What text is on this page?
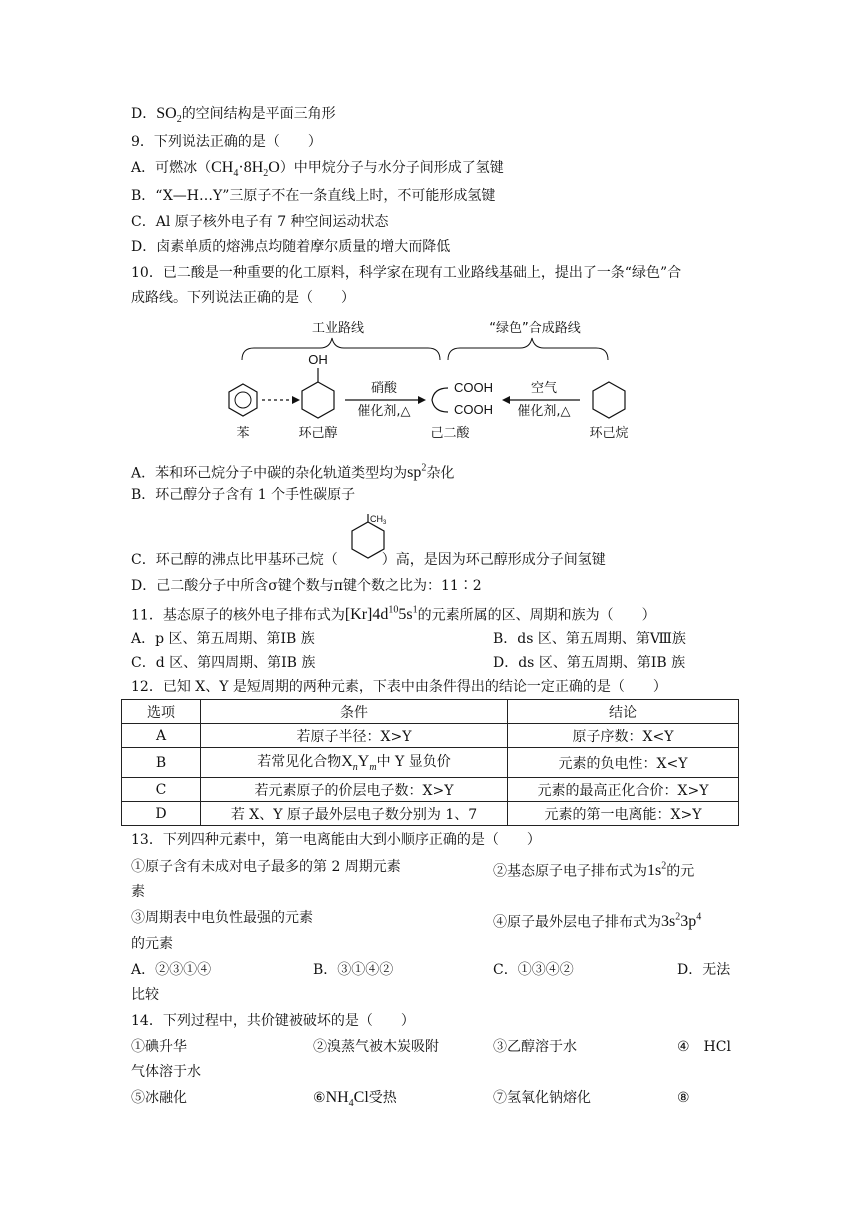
D．$SO_2$的空间结构是平面三角形
9．下列说法正确的是（　　）
A．可燃冰$(CH_4\cdot 8H_2O)$中甲烷分子与水分子间形成了氢键
B．“X—H…Y”三原子不在一条直线上时，不可能形成氢键
C．Al 原子核外电子有 7 种空间运动状态
D．卤素单质的熔沸点均随着摩尔质量的增大而降低
10．已二酸是一种重要的化工原料，科学家在现有工业路线基础上，提出了一条“绿色”合
成路线。下列说法正确的是（　　）
工业路线	“绿色”合成路线
OH
硝酸
催化剂,△
COOH
COOH
空气
催化剂,△
苯	环己醇	己二酸	环己烷
A．苯和环己烷分子中碳的杂化轨道类型均为$sp^2$杂化
B．环己醇分子含有 1 个手性碳原子
$CH_3$
C．环己醇的沸点比甲基环己烷（	）高，是因为环己醇形成分子间氢键
D．己二酸分子中所含σ键个数与π键个数之比为：11∶2
11．基态原子的核外电子排布式为$[Kr]4d^{10}5s^1$的元素所属的区、周期和族为（　　）
A．p 区、第五周期、第ⅠB 族	B．ds 区、第五周期、第Ⅷ族
C．d 区、第四周期、第ⅠB 族	D．ds 区、第五周期、第ⅠB 族
12．已知 X、Y 是短周期的两种元素，下表中由条件得出的结论一定正确的是（　　）
选项	条件	结论
A	若原子半径：X>Y	原子序数：X<Y
B	若常见化合物$X_nY_m$中 Y 显负价	元素的负电性：X<Y
C	若元素原子的价层电子数：X>Y	元素的最高正化合价：X>Y
D	若 X、Y 原子最外层电子数分别为 1、7	元素的第一电离能：X>Y
13．下列四种元素中，第一电离能由大到小顺序正确的是（　　）
①原子含有未成对电子最多的第 2 周期元素	②基态原子电子排布式为$1s^2$的元
素
③周期表中电负性最强的元素	④原子最外层电子排布式为$3s^23p^4$
的元素
A．②③①④	B．③①④②	C．①③④②	D．无法
比较
14．下列过程中，共价键被破坏的是（　　）
①碘升华	②溴蒸气被木炭吸附	③乙醇溶于水	④　HCl
气体溶于水
⑤冰融化	$⑥NH_4Cl$受热	⑦氢氧化钠熔化	⑧
